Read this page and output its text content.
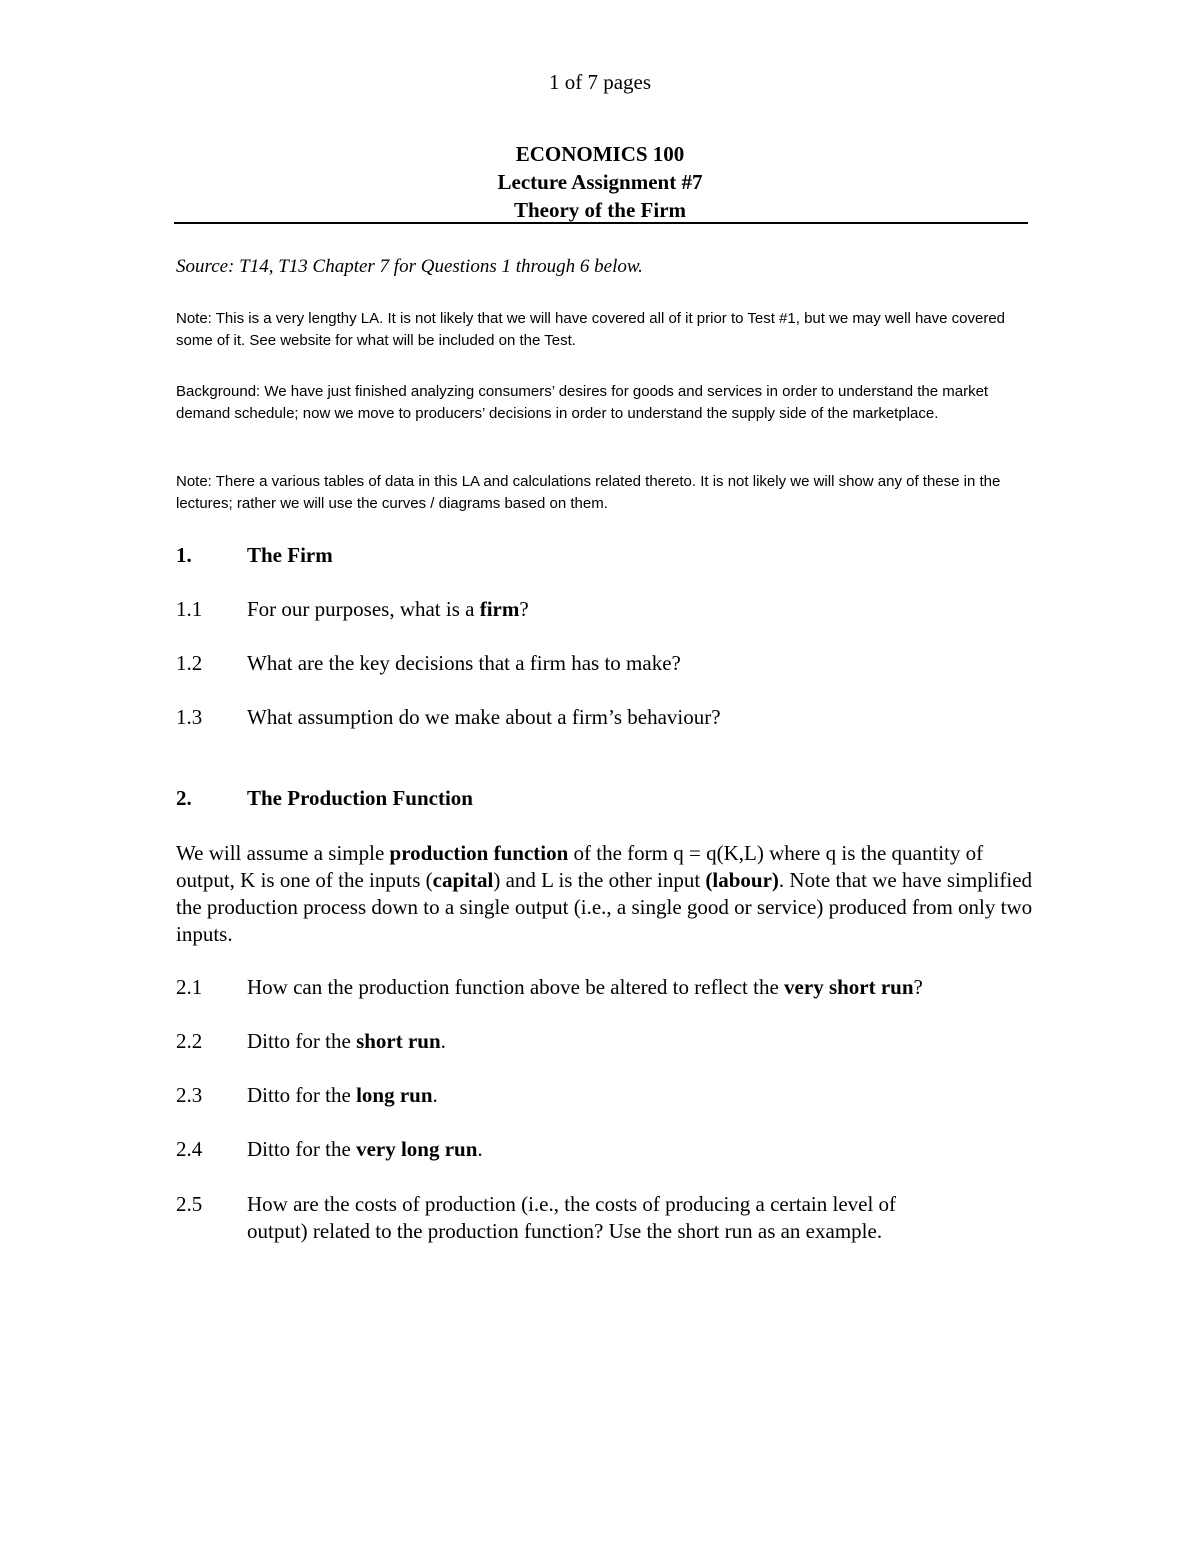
1 of 7 pages
ECONOMICS 100
Lecture Assignment #7
Theory of the Firm
Source: T14, T13 Chapter 7 for Questions 1 through 6 below.
Note: This is a very lengthy LA. It is not likely that we will have covered all of it prior to Test #1, but we may well have covered some of it. See website for what will be included on the Test.
Background: We have just finished analyzing consumers’ desires for goods and services in order to understand the market demand schedule; now we move to producers’ decisions in order to understand the supply side of the marketplace.
Note: There a various tables of data in this LA and calculations related thereto. It is not likely we will show any of these in the lectures; rather we will use the curves / diagrams based on them.
1.	The Firm
1.1 For our purposes, what is a firm?
1.2 What are the key decisions that a firm has to make?
1.3 What assumption do we make about a firm’s behaviour?
2.	The Production Function
We will assume a simple production function of the form q = q(K,L) where q is the quantity of output, K is one of the inputs (capital) and L is the other input (labour). Note that we have simplified the production process down to a single output (i.e., a single good or service) produced from only two inputs.
2.1 How can the production function above be altered to reflect the very short run?
2.2 Ditto for the short run.
2.3 Ditto for the long run.
2.4 Ditto for the very long run.
2.5 How are the costs of production (i.e., the costs of producing a certain level of
output) related to the production function? Use the short run as an example.
